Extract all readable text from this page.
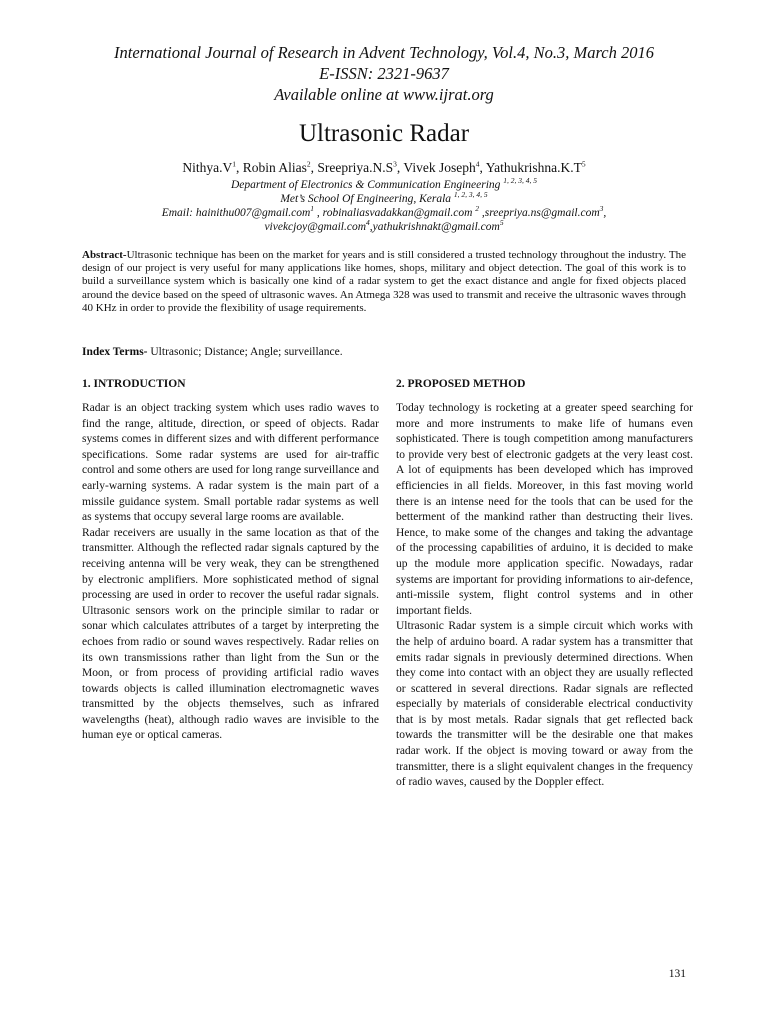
International Journal of Research in Advent Technology, Vol.4, No.3, March 2016
E-ISSN: 2321-9637
Available online at www.ijrat.org
Ultrasonic Radar
$Nithya.V^1$, Robin Alias$^2$, $Sreepriya.N.S^3$, Vivek Joseph$^4$, $Yathukrishna.K.T^5$
Department of Electronics & Communication Engineering $^{1, 2, 3, 4, 5}$
Met’s School Of Engineering, Kerala $^{1, 2, 3, 4, 5}$
Email: hainithu007@gmail.com$^1$ , robinaliasvadakkan@gmail.com $^2$ ,sreepriya.ns@gmail.com$^3$,
vivekcjoy@gmail.com$^4$,yathukrishnakt@gmail.com$^5$
Abstract-Ultrasonic technique has been on the market for years and is still considered a trusted technology throughout the industry. The design of our project is very useful for many applications like homes, shops, military and object detection. The goal of this work is to build a surveillance system which is basically one kind of a radar system to get the exact distance and angle for fixed objects placed around the device based on the speed of ultrasonic waves. An Atmega 328 was used to transmit and receive the ultrasonic waves through 40 KHz in order to provide the flexibility of usage requirements.
Index Terms- Ultrasonic; Distance; Angle; surveillance.
1. INTRODUCTION

Radar is an object tracking system which uses radio waves to find the range, altitude, direction, or speed of objects. Radar systems comes in different sizes and with different performance specifications. Some radar systems are used for air-traffic control and some others are used for long range surveillance and early-warning systems. A radar system is the main part of a missile guidance system. Small portable radar systems as well as systems that occupy several large rooms are available.

Radar receivers are usually in the same location as that of the transmitter. Although the reflected radar signals captured by the receiving antenna will be very weak, they can be strengthened by electronic amplifiers. More sophisticated method of signal processing are used in order to recover the useful radar signals. Ultrasonic sensors work on the principle similar to radar or sonar which calculates attributes of a target by interpreting the echoes from radio or sound waves respectively. Radar relies on its own transmissions rather than light from the Sun or the Moon, or from process of providing artificial radio waves towards objects is called illumination electromagnetic waves transmitted by the objects themselves, such as infrared wavelengths (heat), although radio waves are invisible to the human eye or optical cameras.

2. PROPOSED METHOD

Today technology is rocketing at a greater speed searching for more and more instruments to make life of humans even sophisticated. There is tough competition among manufacturers to provide very best of electronic gadgets at the very least cost. A lot of equipments has been developed which has improved efficiencies in all fields. Moreover, in this fast moving world there is an intense need for the tools that can be used for the betterment of the mankind rather than destructing their lives. Hence, to make some of the changes and taking the advantage of the processing capabilities of arduino, it is decided to make up the module more application specific. Nowadays, radar systems are important for providing informations to air-defence, anti-missile system, flight control systems and in other important fields.

Ultrasonic Radar system is a simple circuit which works with the help of arduino board. A radar system has a transmitter that emits radar signals in previously determined directions. When they come into contact with an object they are usually reflected or scattered in several directions. Radar signals are reflected especially by materials of considerable electrical conductivity that is by most metals. Radar signals that get reflected back towards the transmitter will be the desirable one that makes radar work. If the object is moving toward or away from the transmitter, there is a slight equivalent changes in the frequency of radio waves, caused by the Doppler effect.

131
